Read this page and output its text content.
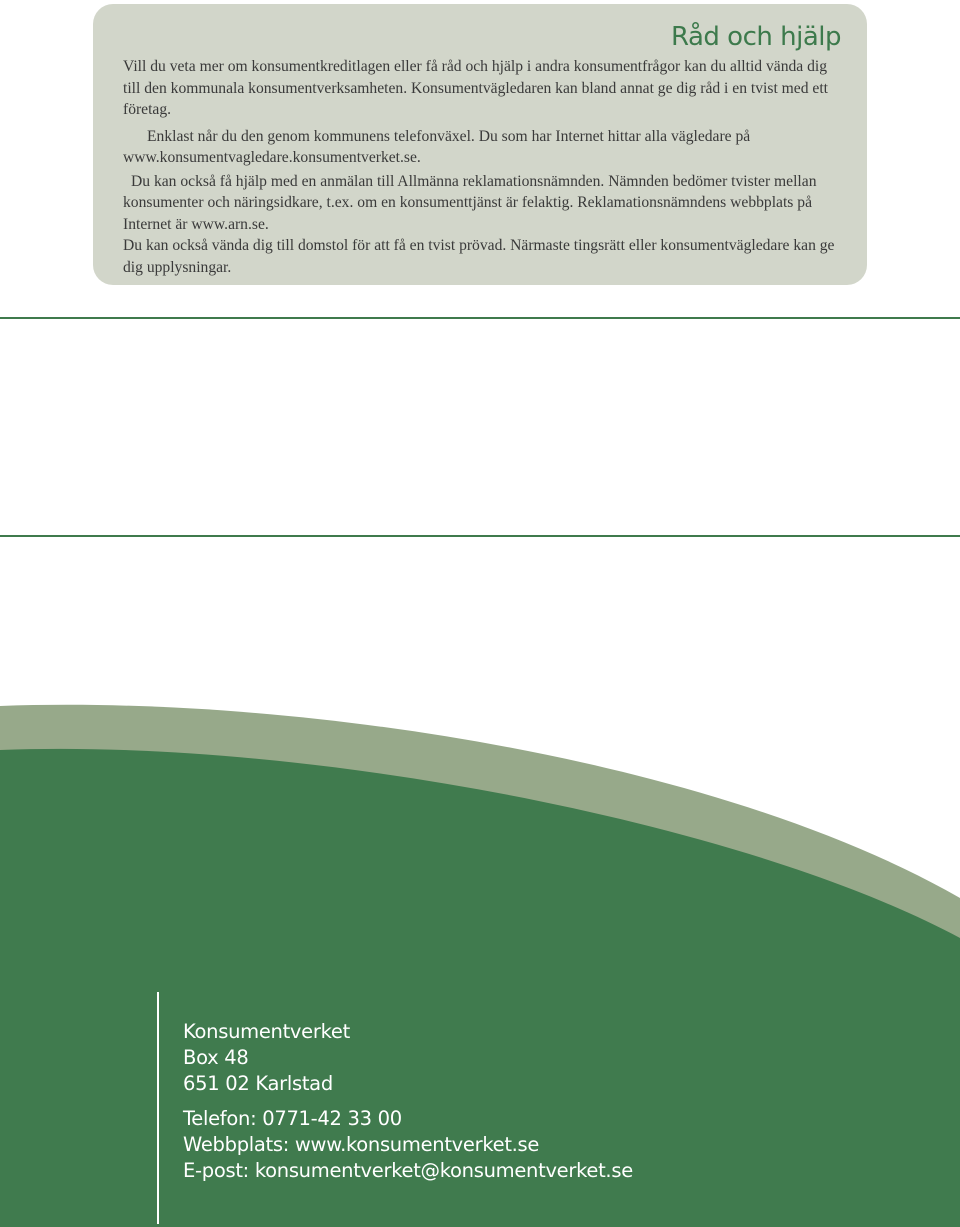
Råd och hjälp

Vill du veta mer om konsumentkreditlagen eller få råd och hjälp i andra konsumentfrågor kan du alltid vända dig till den kommunala konsumentverksamheten. Konsumentvägledaren kan bland annat ge dig råd i en tvist med ett företag.

Enklast når du den genom kommunens telefonväxel. Du som har Internet hittar alla vägledare på www.konsumentvagledare.konsumentverket.se.

Du kan också få hjälp med en anmälan till Allmänna reklamationsnämnden. Nämnden bedömer tvister mellan konsumenter och näringsidkare, t.ex. om en konsumenttjänst är felaktig. Reklamationsnämndens webbplats på Internet är www.arn.se.

Du kan också vända dig till domstol för att få en tvist prövad. Närmaste tingsrätt eller konsumentvägledare kan ge dig upplysningar.

Konsumentverket
Box 48
651 02 Karlstad
Telefon: 0771-42 33 00
Webbplats: www.konsumentverket.se
E-post: konsumentverket@konsumentverket.se
